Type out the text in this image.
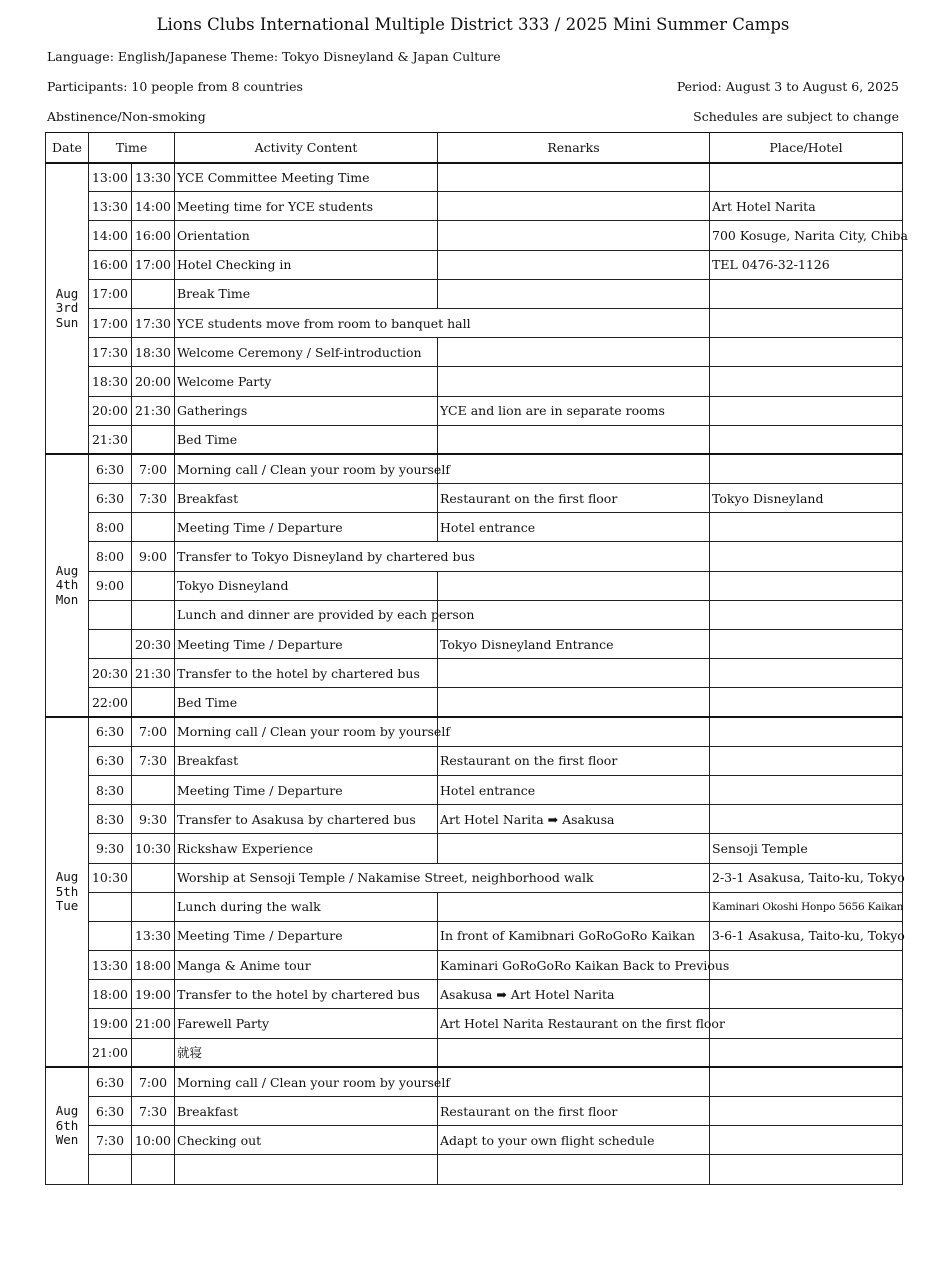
Lions Clubs International Multiple District 333 / 2025 Mini Summer Camps
Language: English/Japanese Theme: Tokyo Disneyland & Japan Culture
Participants: 10 people from 8 countries	Period: August 3 to August 6, 2025
Abstinence/Non-smoking	Schedules are subject to change
Date	Time		Activity Content	Renarks	Place/Hotel

Aug
3rd
Sun	13:00	13:30	YCE Committee Meeting Time		
	13:30	14:00	Meeting time for YCE students		Art Hotel Narita
	14:00	16:00	Orientation		700 Kosuge, Narita City, Chiba
	16:00	17:00	Hotel Checking in		TEL 0476-32-1126
	17:00		Break Time		
	17:00	17:30	YCE students move from room to banquet hall		
	17:30	18:30	Welcome Ceremony / Self-introduction		
	18:30	20:00	Welcome Party		
	20:00	21:30	Gatherings	YCE and lion are in separate rooms	
	21:30		Bed Time		

Aug
4th
Mon	6:30	7:00	Morning call / Clean your room by yourself		
	6:30	7:30	Breakfast	Restaurant on the first floor	Tokyo Disneyland
	8:00		Meeting Time / Departure	Hotel entrance	
	8:00	9:00	Transfer to Tokyo Disneyland by chartered bus		
	9:00		Tokyo Disneyland		
			Lunch and dinner are provided by each person		
		20:30	Meeting Time / Departure	Tokyo Disneyland Entrance	
	20:30	21:30	Transfer to the hotel by chartered bus		
	22:00		Bed Time		

Aug
5th
Tue	6:30	7:00	Morning call / Clean your room by yourself		
	6:30	7:30	Breakfast	Restaurant on the first floor	
	8:30		Meeting Time / Departure	Hotel entrance	
	8:30	9:30	Transfer to Asakusa by chartered bus	Art Hotel Narita ➡ Asakusa	
	9:30	10:30	Rickshaw Experience		Sensoji Temple
	10:30		Worship at Sensoji Temple / Nakamise Street, neighborhood walk		2-3-1 Asakusa, Taito-ku, Tokyo
			Lunch during the walk		Kaminari Okoshi Honpo 5656 Kaikan
		13:30	Meeting Time / Departure	In front of Kamibnari GoRoGoRo Kaikan	3-6-1 Asakusa, Taito-ku, Tokyo
	13:30	18:00	Manga & Anime tour	Kaminari GoRoGoRo Kaikan Back to Previous	
	18:00	19:00	Transfer to the hotel by chartered bus	Asakusa ➡ Art Hotel Narita	
	19:00	21:00	Farewell Party	Art Hotel Narita Restaurant on the first floor	
	21:00		就寝		

Aug
6th
Wen	6:30	7:00	Morning call / Clean your room by yourself		
	6:30	7:30	Breakfast	Restaurant on the first floor	
	7:30	10:00	Checking out	Adapt to your own flight schedule	
